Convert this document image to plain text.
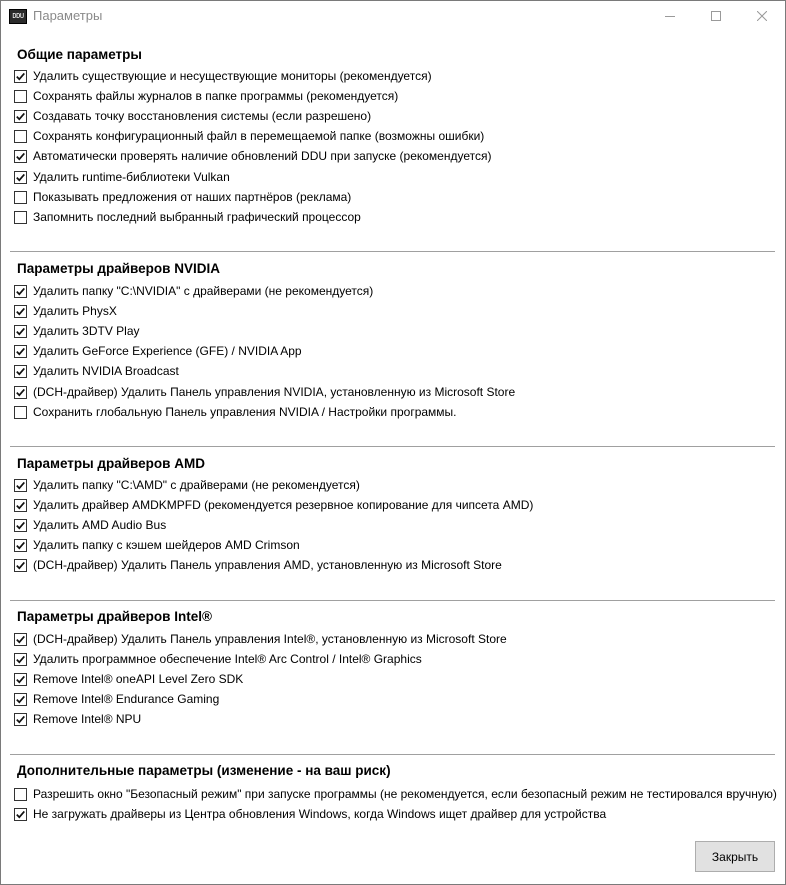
DDU Параметры
Общие параметры
Удалить существующие и несуществующие мониторы (рекомендуется)
Сохранять файлы журналов в папке программы (рекомендуется)
Создавать точку восстановления системы (если разрешено)
Сохранять конфигурационный файл в перемещаемой папке (возможны ошибки)
Автоматически проверять наличие обновлений DDU при запуске (рекомендуется)
Удалить runtime-библиотеки Vulkan
Показывать предложения от наших партнёров (реклама)
Запомнить последний выбранный графический процессор
Параметры драйверов NVIDIA
Удалить папку "C:\NVIDIA" с драйверами (не рекомендуется)
Удалить PhysX
Удалить 3DTV Play
Удалить GeForce Experience (GFE) / NVIDIA App
Удалить NVIDIA Broadcast
(DCH-драйвер) Удалить Панель управления NVIDIA, установленную из Microsoft Store
Сохранить глобальную Панель управления NVIDIA / Настройки программы.
Параметры драйверов AMD
Удалить папку "C:\AMD" с драйверами (не рекомендуется)
Удалить драйвер AMDKMPFD (рекомендуется резервное копирование для чипсета AMD)
Удалить AMD Audio Bus
Удалить папку с кэшем шейдеров AMD Crimson
(DCH-драйвер) Удалить Панель управления AMD, установленную из Microsoft Store
Параметры драйверов Intel®
(DCH-драйвер) Удалить Панель управления Intel®, установленную из Microsoft Store
Удалить программное обеспечение Intel® Arc Control / Intel® Graphics
Remove Intel® oneAPI Level Zero SDK
Remove Intel® Endurance Gaming
Remove Intel® NPU
Дополнительные параметры (изменение - на ваш риск)
Разрешить окно "Безопасный режим" при запуске программы (не рекомендуется, если безопасный режим не тестировался вручную)
Не загружать драйверы из Центра обновления Windows, когда Windows ищет драйвер для устройства
Закрыть
